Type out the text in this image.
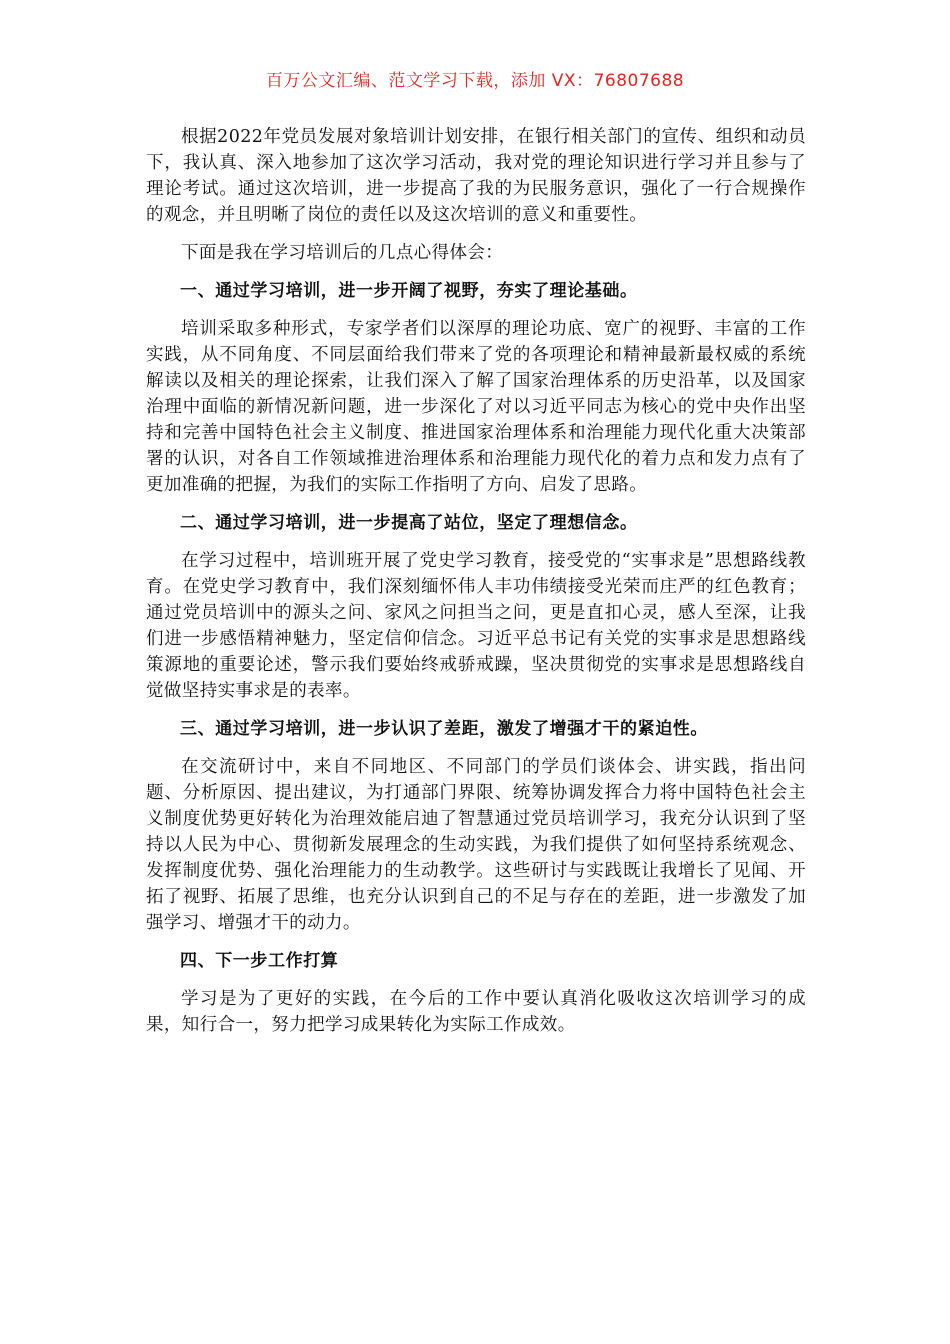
百万公文汇编、范文学习下载，添加 VX：76807688

根据2022年党员发展对象培训计划安排，在银行相关部门的宣传、组织和动员下，我认真、深入地参加了这次学习活动，我对党的理论知识进行学习并且参与了理论考试。通过这次培训，进一步提高了我的为民服务意识，强化了一行合规操作的观念，并且明晰了岗位的责任以及这次培训的意义和重要性。

下面是我在学习培训后的几点心得体会：

一、通过学习培训，进一步开阔了视野，夯实了理论基础。

培训采取多种形式，专家学者们以深厚的理论功底、宽广的视野、丰富的工作实践，从不同角度、不同层面给我们带来了党的各项理论和精神最新最权威的系统解读以及相关的理论探索，让我们深入了解了国家治理体系的历史沿革，以及国家治理中面临的新情况新问题，进一步深化了对以习近平同志为核心的党中央作出坚持和完善中国特色社会主义制度、推进国家治理体系和治理能力现代化重大决策部署的认识，对各自工作领域推进治理体系和治理能力现代化的着力点和发力点有了更加准确的把握，为我们的实际工作指明了方向、启发了思路。

二、通过学习培训，进一步提高了站位，坚定了理想信念。

在学习过程中，培训班开展了党史学习教育，接受党的“实事求是”思想路线教育。在党史学习教育中，我们深刻缅怀伟人丰功伟绩接受光荣而庄严的红色教育；通过党员培训中的源头之问、家风之问担当之问，更是直扣心灵，感人至深，让我们进一步感悟精神魅力，坚定信仰信念。习近平总书记有关党的实事求是思想路线策源地的重要论述，警示我们要始终戒骄戒躁，坚决贯彻党的实事求是思想路线自觉做坚持实事求是的表率。

三、通过学习培训，进一步认识了差距，激发了增强才干的紧迫性。

在交流研讨中，来自不同地区、不同部门的学员们谈体会、讲实践，指出问题、分析原因、提出建议，为打通部门界限、统筹协调发挥合力将中国特色社会主义制度优势更好转化为治理效能启迪了智慧通过党员培训学习，我充分认识到了坚持以人民为中心、贯彻新发展理念的生动实践，为我们提供了如何坚持系统观念、发挥制度优势、强化治理能力的生动教学。这些研讨与实践既让我增长了见闻、开拓了视野、拓展了思维，也充分认识到自己的不足与存在的差距，进一步激发了加强学习、增强才干的动力。

四、下一步工作打算

学习是为了更好的实践，在今后的工作中要认真消化吸收这次培训学习的成果，知行合一，努力把学习成果转化为实际工作成效。
